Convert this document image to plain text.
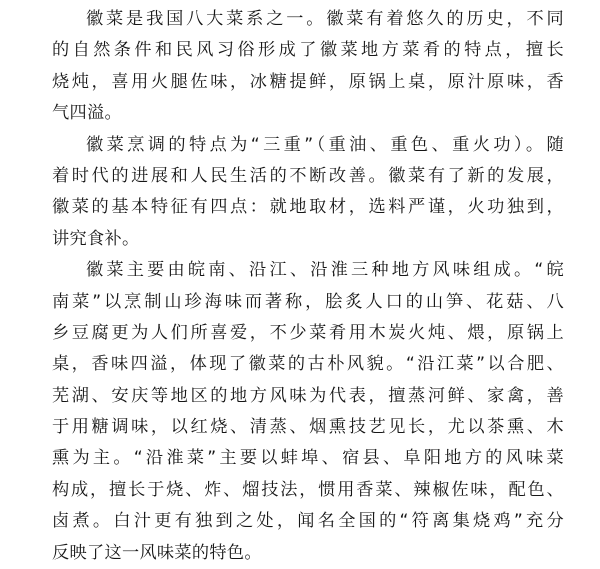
徽菜是我国八大菜系之一。徽菜有着悠久的历史，不同
的自然条件和民风习俗形成了徽菜地方菜肴的特点，擅长
烧炖，喜用火腿佐味，冰糖提鲜，原锅上桌，原汁原味，香
气四溢。

徽菜烹调的特点为“三重”（重油、重色、重火功）。随
着时代的进展和人民生活的不断改善。徽菜有了新的发展，
徽菜的基本特征有四点：就地取材，选料严谨，火功独到，
讲究食补。

徽菜主要由皖南、沿江、沿淮三种地方风味组成。“皖
南菜”以烹制山珍海味而著称，脍炙人口的山笋、花菇、八
乡豆腐更为人们所喜爱，不少菜肴用木炭火炖、煨，原锅上
桌，香味四溢，体现了徽菜的古朴风貌。“沿江菜”以合肥、
芜湖、安庆等地区的地方风味为代表，擅蒸河鲜、家禽，善
于用糖调味，以红烧、清蒸、烟熏技艺见长，尤以茶熏、木
熏为主。“沿淮菜”主要以蚌埠、宿县、阜阳地方的风味菜
构成，擅长于烧、炸、熘技法，惯用香菜、辣椒佐味，配色、
卤煮。白汁更有独到之处，闻名全国的“符离集烧鸡”充分
反映了这一风味菜的特色。
